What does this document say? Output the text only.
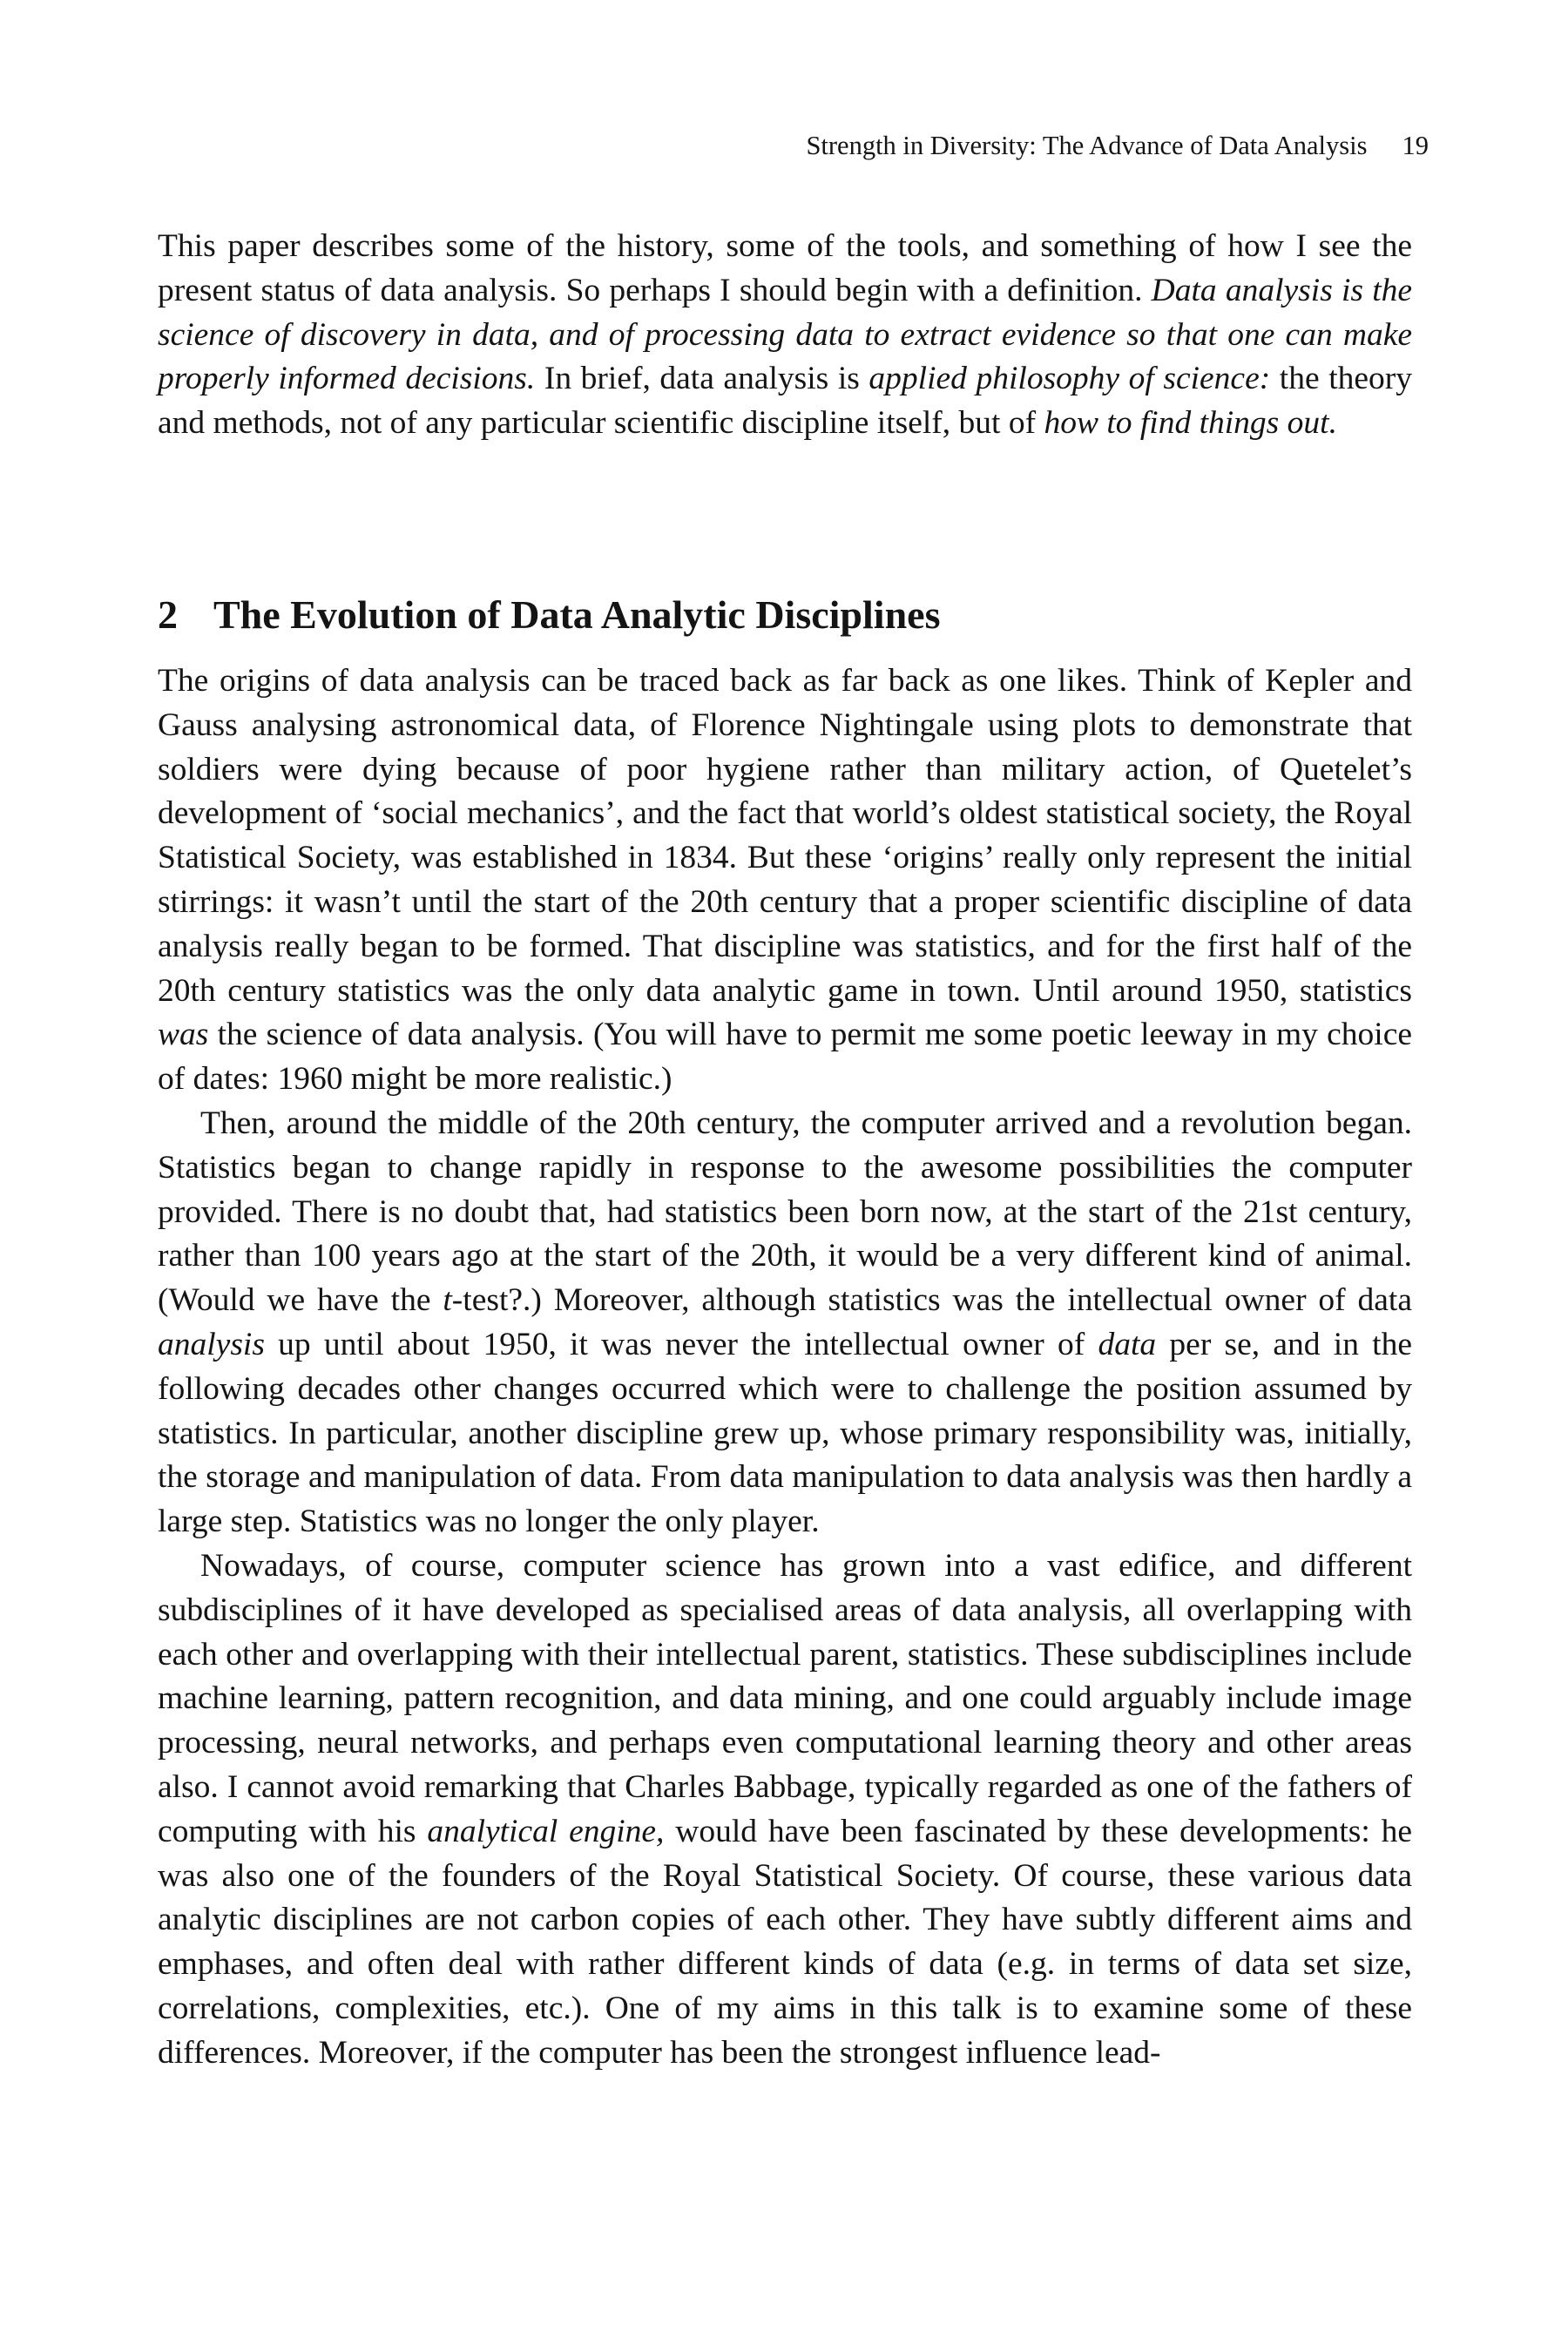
Strength in Diversity: The Advance of Data Analysis 19

This paper describes some of the history, some of the tools, and something of how I see the present status of data analysis. So perhaps I should begin with a definition. Data analysis is the science of discovery in data, and of processing data to extract evidence so that one can make properly informed decisions. In brief, data analysis is applied philosophy of science: the theory and methods, not of any particular scientific discipline itself, but of how to find things out.

2 The Evolution of Data Analytic Disciplines

The origins of data analysis can be traced back as far back as one likes. Think of Kepler and Gauss analysing astronomical data, of Florence Nightingale using plots to demonstrate that soldiers were dying because of poor hygiene rather than military action, of Quetelet’s development of ‘social mechanics’, and the fact that world’s oldest statistical society, the Royal Statistical Society, was established in 1834. But these ‘origins’ really only represent the initial stirrings: it wasn’t until the start of the 20th century that a proper scientific discipline of data analysis really began to be formed. That discipline was statistics, and for the first half of the 20th century statistics was the only data analytic game in town. Until around 1950, statistics was the science of data analysis. (You will have to permit me some poetic leeway in my choice of dates: 1960 might be more realistic.)

Then, around the middle of the 20th century, the computer arrived and a revolution began. Statistics began to change rapidly in response to the awesome possibilities the computer provided. There is no doubt that, had statistics been born now, at the start of the 21st century, rather than 100 years ago at the start of the 20th, it would be a very different kind of animal. (Would we have the t-test?.) Moreover, although statistics was the intellectual owner of data analysis up until about 1950, it was never the intellectual owner of data per se, and in the following decades other changes occurred which were to challenge the position assumed by statistics. In particular, another discipline grew up, whose primary responsibility was, initially, the storage and manipulation of data. From data manipulation to data analysis was then hardly a large step. Statistics was no longer the only player.

Nowadays, of course, computer science has grown into a vast edifice, and different subdisciplines of it have developed as specialised areas of data analysis, all overlapping with each other and overlapping with their intellectual parent, statistics. These subdisciplines include machine learning, pattern recognition, and data mining, and one could arguably include image processing, neural networks, and perhaps even computational learning theory and other areas also. I cannot avoid remarking that Charles Babbage, typically regarded as one of the fathers of computing with his analytical engine, would have been fascinated by these developments: he was also one of the founders of the Royal Statistical Society. Of course, these various data analytic disciplines are not carbon copies of each other. They have subtly different aims and emphases, and often deal with rather different kinds of data (e.g. in terms of data set size, correlations, complexities, etc.). One of my aims in this talk is to examine some of these differences. Moreover, if the computer has been the strongest influence lead-
